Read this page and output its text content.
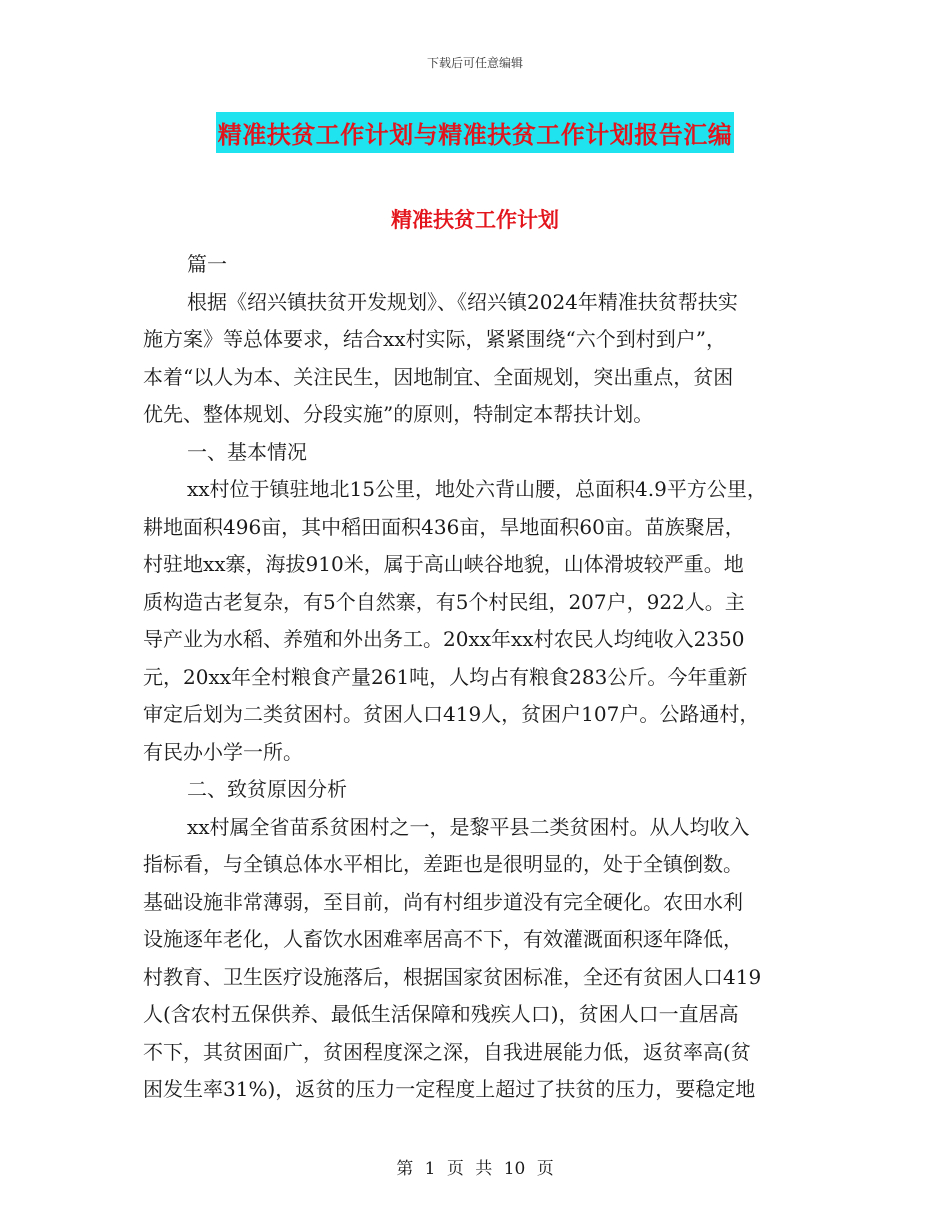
下载后可任意编辑
精准扶贫工作计划与精准扶贫工作计划报告汇编
精准扶贫工作计划

篇一

根据《绍兴镇扶贫开发规划》、《绍兴镇2024年精准扶贫帮扶实

施方案》等总体要求，结合xx村实际，紧紧围绕“六个到村到户”，

本着“以人为本、关注民生，因地制宜、全面规划，突出重点，贫困

优先、整体规划、分段实施”的原则，特制定本帮扶计划。

一、基本情况

xx村位于镇驻地北15公里，地处六背山腰，总面积4.9平方公里，

耕地面积496亩，其中稻田面积436亩，旱地面积60亩。苗族聚居，

村驻地xx寨，海拔910米，属于高山峡谷地貌，山体滑坡较严重。地

质构造古老复杂，有5个自然寨，有5个村民组，207户，922人。主

导产业为水稻、养殖和外出务工。20xx年xx村农民人均纯收入2350

元，20xx年全村粮食产量261吨，人均占有粮食283公斤。今年重新

审定后划为二类贫困村。贫困人口419人，贫困户107户。公路通村，

有民办小学一所。

二、致贫原因分析

xx村属全省苗系贫困村之一，是黎平县二类贫困村。从人均收入

指标看，与全镇总体水平相比，差距也是很明显的，处于全镇倒数。

基础设施非常薄弱，至目前，尚有村组步道没有完全硬化。农田水利

设施逐年老化，人畜饮水困难率居高不下，有效灌溉面积逐年降低，

村教育、卫生医疗设施落后，根据国家贫困标准，全还有贫困人口419

人(含农村五保供养、最低生活保障和残疾人口)，贫困人口一直居高

不下，其贫困面广，贫困程度深之深，自我进展能力低，返贫率高(贫

困发生率31%)，返贫的压力一定程度上超过了扶贫的压力，要稳定地

第 1 页 共 10 页
